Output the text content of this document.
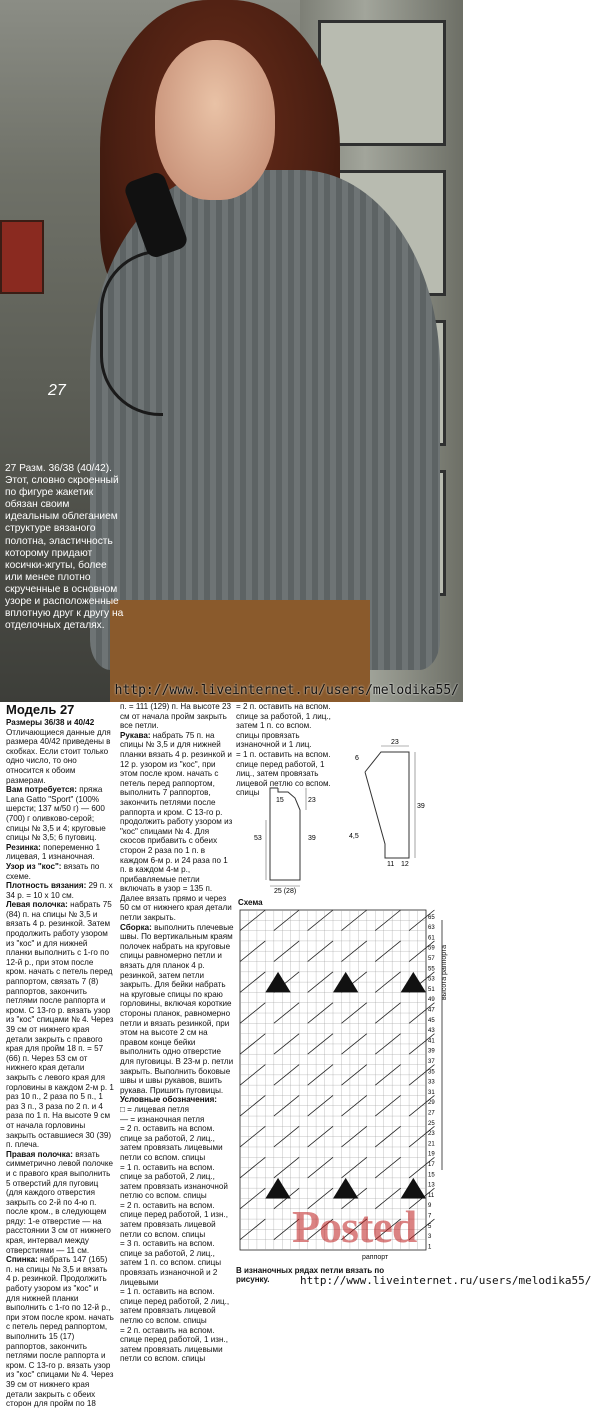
27
27 Разм. 36/38 (40/42). Этот, словно скроенный по фигуре жакетик обязан своим идеальным облеганием структуре вязаного полотна, эластичность которому придают косички-жгуты, более или менее плотно скрученные в основном узоре и расположенные вплотную друг к другу на отделочных деталях.
http://www.liveinternet.ru/users/melodika55/
Модель 27

Размеры 36/38 и 40/42

Отличающиеся данные для размера 40/42 приведены в скобках. Если стоит только одно число, то оно относится к обоим размерам.

Вам потребуется: пряжа Lana Gatto "Sport" (100% шерсти; 137 м/50 г) — 600 (700) г оливково-серой; спицы № 3,5 и 4; круговые спицы № 3,5; 6 пуговиц.

Резинка: попеременно 1 лицевая, 1 изнаночная.

Узор из "кос": вязать по схеме.

Плотность вязания: 29 п. х 34 р. = 10 х 10 см.

Левая полочка: набрать 75 (84) п. на спицы № 3,5 и вязать 4 р. резинкой. Затем продолжить работу узором из "кос" и для нижней планки выполнить с 1-го по 12-й р., при этом после кром. начать с петель перед раппортом, связать 7 (8) раппортов, закончить петлями после раппорта и кром. С 13-го р. вязать узор из "кос" спицами № 4. Через 39 см от нижнего края детали закрыть с правого края для пройм 18 п. = 57 (66) п. Через 53 см от нижнего края детали закрыть с левого края для горловины в каждом 2-м р. 1 раз 10 п., 2 раза по 5 п., 1 раз 3 п., 3 раза по 2 п. и 4 раза по 1 п. На высоте 9 см от начала горловины закрыть оставшиеся 30 (39) п. плеча.

Правая полочка: вязать симметрично левой полочке и с правого края выполнить 5 отверстий для пуговиц (для каждого отверстия закрыть со 2-й по 4-ю п. после кром., в следующем ряду: 1-е отверстие — на расстоянии 3 см от нижнего края, интервал между отверстиями — 11 см.

Спинка: набрать 147 (165) п. на спицы № 3,5 и вязать 4 р. резинкой. Продолжить работу узором из "кос" и для нижней планки выполнить с 1-го по 12-й р., при этом после кром. начать с петель перед раппортом, выполнить 15 (17) раппортов, закончить петлями после раппорта и кром. С 13-го р. вязать узор из "кос" спицами № 4. Через 39 см от нижнего края детали закрыть с обеих сторон для пройм по 18

п. = 111 (129) п. На высоте 23 см от начала пройм закрыть все петли.

Рукава: набрать 75 п. на спицы № 3,5 и для нижней планки вязать 4 р. резинкой и 12 р. узором из "кос", при этом после кром. начать с петель перед раппортом, выполнить 7 раппортов, закончить петлями после раппорта и кром. С 13-го р. продолжить работу узором из "кос" спицами № 4. Для скосов прибавить с обеих сторон 2 раза по 1 п. в каждом 6-м р. и 24 раза по 1 п. в каждом 4-м р., прибавляемые петли включать в узор = 135 п. Далее вязать прямо и через 50 см от нижнего края детали петли закрыть.

Сборка: выполнить плечевые швы. По вертикальным краям полочек набрать на круговые спицы равномерно петли и вязать для планок 4 р. резинкой, затем петли закрыть. Для бейки набрать на круговые спицы по краю горловины, включая короткие стороны планок, равномерно петли и вязать резинкой, при этом на высоте 2 см на правом конце бейки выполнить одно отверстие для пуговицы. В 23-м р. петли закрыть. Выполнить боковые швы и швы рукавов, вшить рукава. Пришить пуговицы.

Условные обозначения:

□ = лицевая петля

— = изнаночная петля

= 2 п. оставить на вспом. спице за работой, 2 лиц., затем провязать лицевыми петли со вспом. спицы

= 1 п. оставить на вспом. спице за работой, 2 лиц., затем провязать изнаночной петлю со вспом. спицы

= 2 п. оставить на вспом. спице перед работой, 1 изн., затем провязать лицевой петли со вспом. спицы

= 3 п. оставить на вспом. спице за работой, 2 лиц., затем 1 п. со вспом. спицы провязать изнаночной и 2 лицевыми

= 1 п. оставить на вспом. спице перед работой, 2 лиц., затем провязать лицевой петлю со вспом. спицы

= 2 п. оставить на вспом. спице перед работой, 1 изн., затем провязать лицевыми петли со вспом. спицы

= 2 п. оставить на вспом. спице за работой, 1 лиц., затем 1 п. со вспом. спицы провязать изнаночной и 1 лиц.

= 1 п. оставить на вспом. спице перед работой, 1 лиц., затем провязать лицевой петлю со вспом. спицы

15
53	39
23
25 (28)
23
6
39
4,5
11 12
Схема
65
63
61
59
57
55
53
51
49
47
45
43
41
39
37
35
33
31
29
27
25
23
21
19
17
15
13
11
9
7
5
3
1
высота раппорта
раппорт
Posted
В изнаночных рядах петли вязать по рисунку.	http://www.liveinternet.ru/users/melodika55/
